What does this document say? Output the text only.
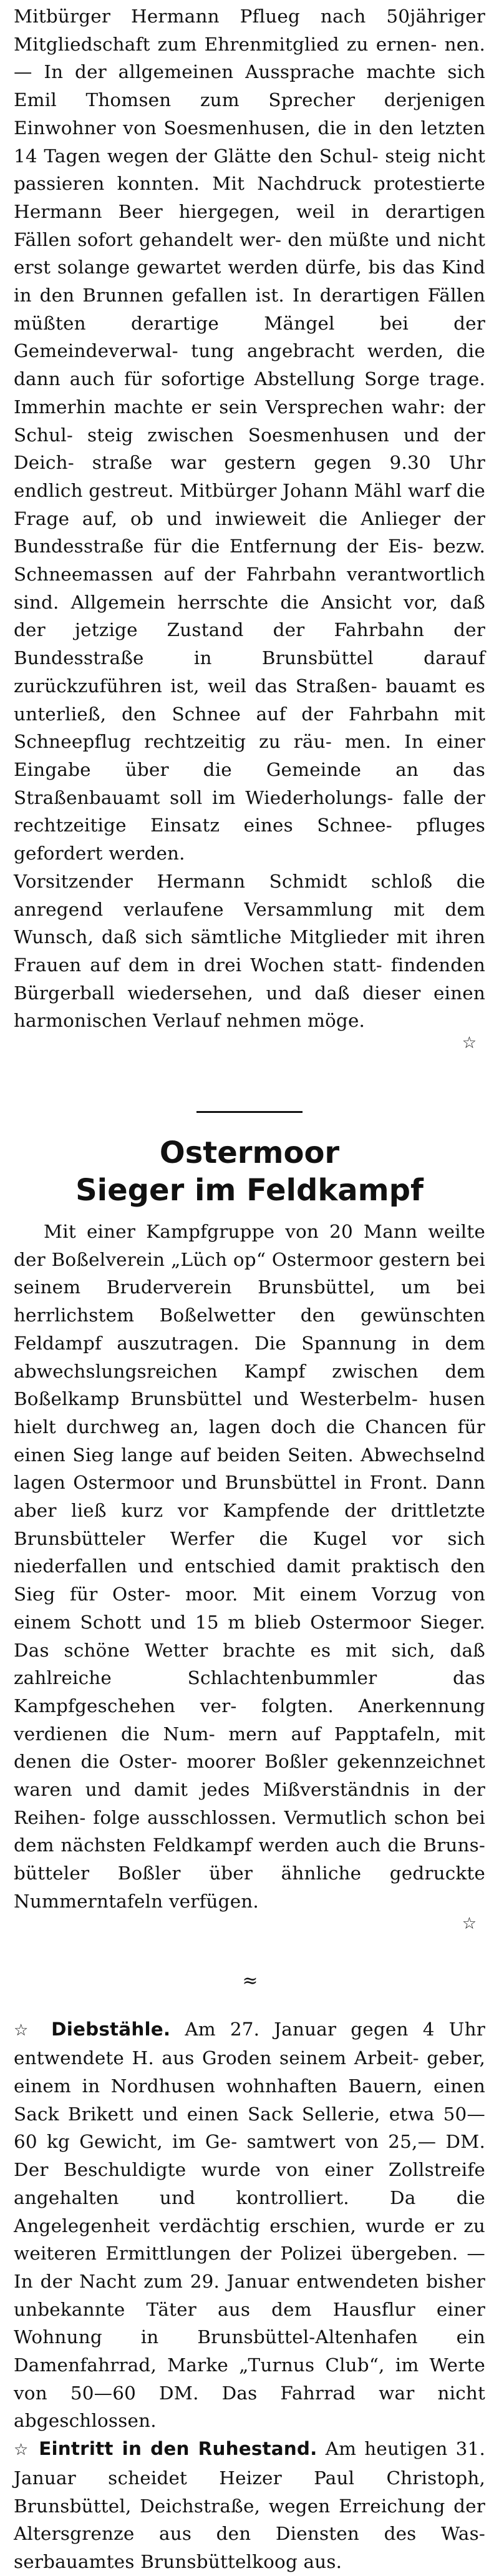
Mitbürger Hermann Pflueg nach 50jähriger Mitgliedschaft zum Ehrenmitglied zu ernen- nen. — In der allgemeinen Aussprache machte sich Emil Thomsen zum Sprecher derjenigen Einwohner von Soesmenhusen, die in den letzten 14 Tagen wegen der Glätte den Schul- steig nicht passieren konnten. Mit Nachdruck protestierte Hermann Beer hiergegen, weil in derartigen Fällen sofort gehandelt wer- den müßte und nicht erst solange gewartet werden dürfe, bis das Kind in den Brunnen gefallen ist. In derartigen Fällen müßten derartige Mängel bei der Gemeindeverwal- tung angebracht werden, die dann auch für sofortige Abstellung Sorge trage. Immerhin machte er sein Versprechen wahr: der Schul- steig zwischen Soesmenhusen und der Deich- straße war gestern gegen 9.30 Uhr endlich gestreut. Mitbürger Johann Mähl warf die Frage auf, ob und inwieweit die Anlieger der Bundesstraße für die Entfernung der Eis- bezw. Schneemassen auf der Fahrbahn verantwortlich sind. Allgemein herrschte die Ansicht vor, daß der jetzige Zustand der Fahrbahn der Bundesstraße in Brunsbüttel	darauf zurückzuführen ist, weil das Straßen- bauamt es unterließ, den Schnee auf der Fahrbahn mit Schneepflug rechtzeitig zu räu- men. In einer Eingabe über die Gemeinde an das Straßenbauamt soll im Wiederholungs- falle der rechtzeitige Einsatz eines Schnee- pfluges gefordert werden.

Vorsitzender Hermann Schmidt schloß die anregend verlaufene Versammlung mit dem Wunsch, daß sich sämtliche Mitglieder mit ihren Frauen auf dem in drei Wochen statt- findenden Bürgerball wiedersehen, und daß dieser einen harmonischen Verlauf nehmen möge.

☆

Ostermoor
Sieger im Feldkampf

Mit einer Kampfgruppe von 20 Mann weilte der Boßelverein „Lüch op“ Ostermoor gestern bei seinem Bruderverein Brunsbüttel, um bei herrlichstem Boßelwetter den gewünschten Feldampf auszutragen. Die Spannung in dem abwechslungsreichen Kampf zwischen dem Boßelkamp Brunsbüttel und Westerbelm- husen hielt durchweg an, lagen doch die Chancen für einen Sieg lange auf beiden Seiten. Abwechselnd lagen Ostermoor und Brunsbüttel in Front. Dann aber ließ kurz vor Kampfende der drittletzte Brunsbütteler Werfer die Kugel vor sich niederfallen und entschied damit praktisch den Sieg für Oster- moor. Mit einem Vorzug von einem Schott und 15 m blieb Ostermoor Sieger. Das schöne Wetter brachte es mit sich, daß zahlreiche	Schlachtenbummler das Kampfgeschehen ver- folgten. Anerkennung verdienen die Num- mern auf Papptafeln, mit denen die Oster- moorer Boßler gekennzeichnet waren und damit jedes Mißverständnis in der Reihen- folge ausschlossen. Vermutlich schon bei dem nächsten Feldkampf werden auch die Bruns- bütteler Boßler über ähnliche gedruckte Nummerntafeln verfügen.

☆

≈

☆ Diebstähle. Am 27. Januar gegen 4 Uhr entwendete H. aus Groden seinem Arbeit- geber, einem in Nordhusen wohnhaften Bauern, einen Sack Brikett und einen Sack Sellerie, etwa 50—60 kg Gewicht, im Ge- samtwert von 25,— DM. Der Beschuldigte wurde von einer Zollstreife angehalten und kontrolliert. Da die Angelegenheit verdächtig erschien, wurde er zu weiteren Ermittlungen der Polizei übergeben. — In der Nacht zum 29. Januar entwendeten bisher unbekannte Täter aus dem Hausflur einer Wohnung in Brunsbüttel-Altenhafen ein Damenfahrrad, Marke „Turnus Club“, im Werte von 50—60 DM. Das Fahrrad war nicht abgeschlossen.

☆ Eintritt in den Ruhestand. Am heutigen 31. Januar scheidet Heizer Paul Christoph, Brunsbüttel, Deichstraße, wegen Erreichung der Altersgrenze aus den Diensten des Was- serbauamtes Brunsbüttelkoog aus.
